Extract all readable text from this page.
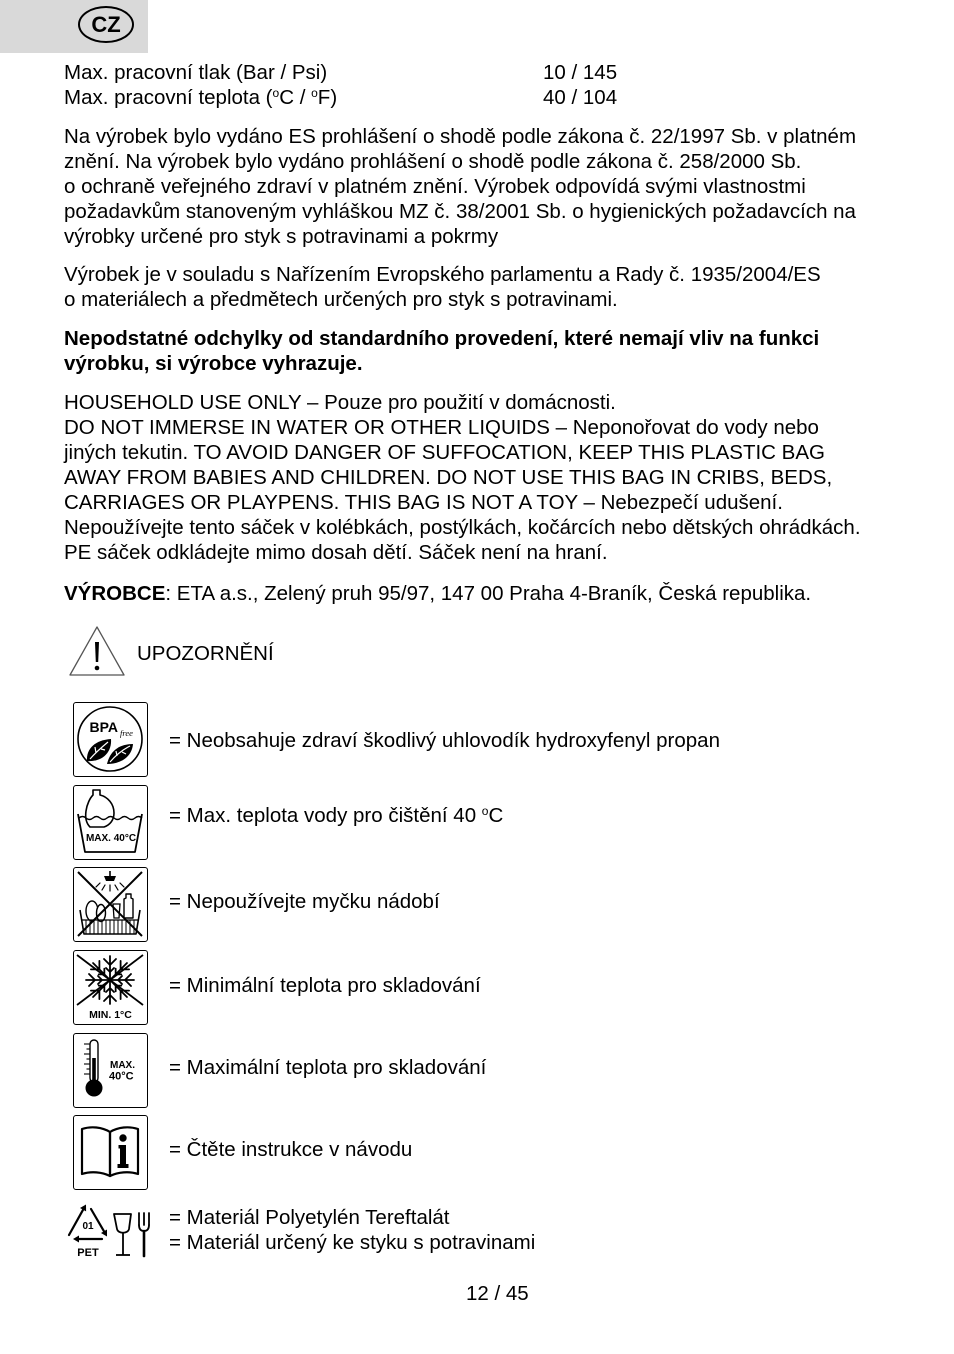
CZ
Max. pracovní tlak (Bar / Psi)	10 / 145
Max. pracovní teplota ($^o$C / $^o$F)	40 / 104
Na výrobek bylo vydáno ES prohlášení o shodě podle zákona č. 22/1997 Sb. v platném
znění. Na výrobek bylo vydáno prohlášení o shodě podle zákona č. 258/2000 Sb.
o ochraně veřejného zdraví v platném znění. Výrobek odpovídá svými vlastnostmi
požadavkům stanoveným vyhláškou MZ č. 38/2001 Sb. o hygienických požadavcích na
výrobky určené pro styk s potravinami a pokrmy
Výrobek je v souladu s Nařízením Evropského parlamentu a Rady č. 1935/2004/ES
o materiálech a předmětech určených pro styk s potravinami.
Nepodstatné odchylky od standardního provedení, které nemají vliv na funkci
výrobku, si výrobce vyhrazuje.
HOUSEHOLD USE ONLY – Pouze pro použití v domácnosti.
DO NOT IMMERSE IN WATER OR OTHER LIQUIDS – Neponořovat do vody nebo
jiných tekutin. TO AVOID DANGER OF SUFFOCATION, KEEP THIS PLASTIC BAG
AWAY FROM BABIES AND CHILDREN. DO NOT USE THIS BAG IN CRIBS, BEDS,
CARRIAGES OR PLAYPENS. THIS BAG IS NOT A TOY – Nebezpečí udušení.
Nepoužívejte tento sáček v kolébkách, postýlkách, kočárcích nebo dětských ohrádkách.
PE sáček odkládejte mimo dosah dětí. Sáček není na hraní.
VÝROBCE: ETA a.s., Zelený pruh 95/97, 147 00 Praha 4-Braník, Česká republika.
UPOZORNĚNÍ
BPA free = Neobsahuje zdraví škodlivý uhlovodík hydroxyfenyl propan
MAX. 40°C
= Max. teplota vody pro čištění 40 $^o$C
= Nepoužívejte myčku nádobí
MIN. 1°C
= Minimální teplota pro skladování
MAX.
40°C = Maximální teplota pro skladování
= Čtěte instrukce v návodu
01
PET
= Materiál Polyetylén Tereftalát
= Materiál určený ke styku s potravinami
12 / 45
